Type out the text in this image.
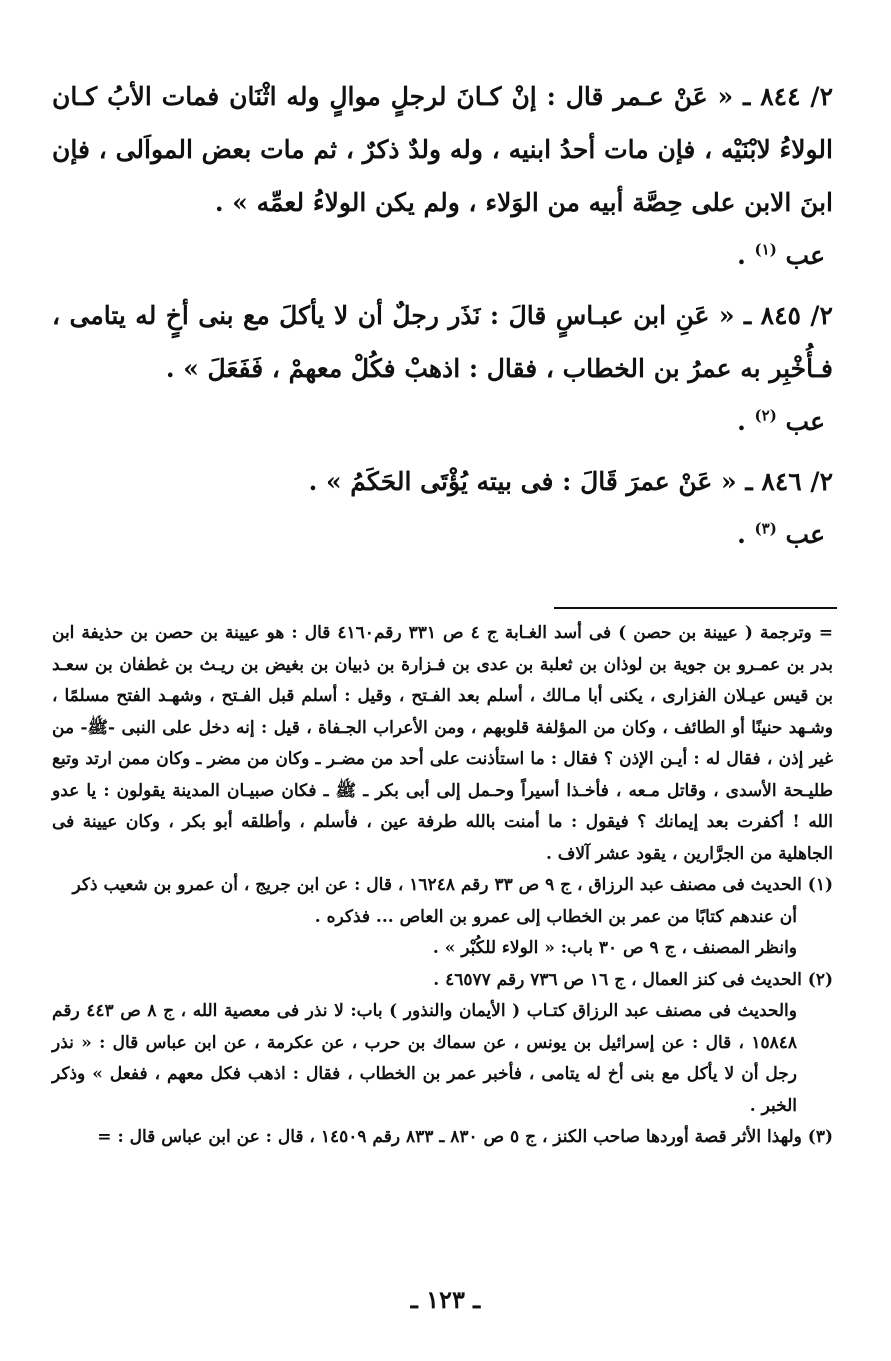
٢/ ٨٤٤ ـ « عَنْ عـمر قال : إنْ كـانَ لرجلٍ موالٍ وله اثْنَان فمات الأبُ كـان الولاءُ لابْنَيْه ، فإن مات أحدُ ابنيه ، وله ولدٌ ذكرٌ ، ثم مات بعض المواَلى ، فإن ابنَ الابن على حِصَّة أبيه من الوَلاء ، ولم يكن الولاءُ لعمِّه » .
عب $^{(١)}$ .
٢/ ٨٤٥ ـ « عَنِ ابن عبـاسٍ قالَ : نَذَر رجلٌ أن لا يأكلَ مع بنى أخٍ له يتامى ، فـأُخْبِر به عمرُ بن الخطاب ، فقال : اذهبْ فكُلْ معهمْ ، فَفَعَلَ » .
عب $^{(٢)}$ .
٢/ ٨٤٦ ـ « عَنْ عمرَ قَالَ : فى بيته يُؤْتَى الحَكَمُ » .
عب $^{(٣)}$ .
= وترجمة ( عيينة بن حصن ) فى أسد الغـابة ج ٤ ص ٣٣١ رقم٤١٦٠ قال : هو عيينة بن حصن بن حذيفة ابن بدر بن عمـرو بن جوية بن لوذان بن ثعلبة بن عدى بن فـزارة بن ذبيان بن بغيض بن ريـث بن غطفان بن سعـد بن قيس عيـلان الفزارى ، يكنى أبا مـالك ، أسلم بعد الفـتح ، وقيل : أسلم قبل الفـتح ، وشهـد الفتح مسلمًا ، وشـهد حنينًا أو الطائف ، وكان من المؤلفة قلوبهم ، ومن الأعراب الجـفاة ، قيل : إنه دخل على النبى -ﷺ- من غير إذن ، فقال له : أيـن الإذن ؟ فقال : ما استأذنت على أحد من مضـر ـ وكان من مضر ـ وكان ممن ارتد وتبع طليـحة الأسدى ، وقاتل مـعه ، فأخـذا أسيراً وحـمل إلى أبى بكر ـ ﷺ ـ فكان صبيـان المدينة يقولون : يا عدو الله ! أكفرت بعد إيمانك ؟ فيقول : ما أمنت بالله طرفة عين ، فأسلم ، وأطلقه أبو بكر ، وكان عيينة فى الجاهلية من الجرَّارين ، يقود عشر آلاف .
(١) الحديث فى مصنف عبد الرزاق ، ج ٩ ص ٣٣ رقم ١٦٢٤٨ ، قال : عن ابن جريج ، أن عمرو بن شعيب ذكر
أن عندهم كتابًا من عمر بن الخطاب إلى عمرو بن العاص ... فذكره .
وانظر المصنف ، ج ٩ ص ٣٠ باب: « الولاء للكُبْر » .
(٢) الحديث فى كنز العمال ، ج ١٦ ص ٧٣٦ رقم ٤٦٥٧٧ .
والحديث فى مصنف عبد الرزاق كتـاب ( الأيمان والنذور ) باب: لا نذر فى معصية الله ، ج ٨ ص ٤٤٣ رقم ١٥٨٤٨ ، قال : عن إسرائيل بن يونس ، عن سماك بن حرب ، عن عكرمة ، عن ابن عباس قال : « نذر رجل أن لا يأكل مع بنى أخ له يتامى ، فأخبر عمر بن الخطاب ، فقال : اذهب فكل معهم ، ففعل » وذكر الخبر .
(٣) ولهذا الأثر قصة أوردها صاحب الكنز ، ج ٥ ص ٨٣٠ ـ ٨٣٣ رقم ١٤٥٠٩ ، قال : عن ابن عباس قال : =
ـ ١٢٣ ـ
